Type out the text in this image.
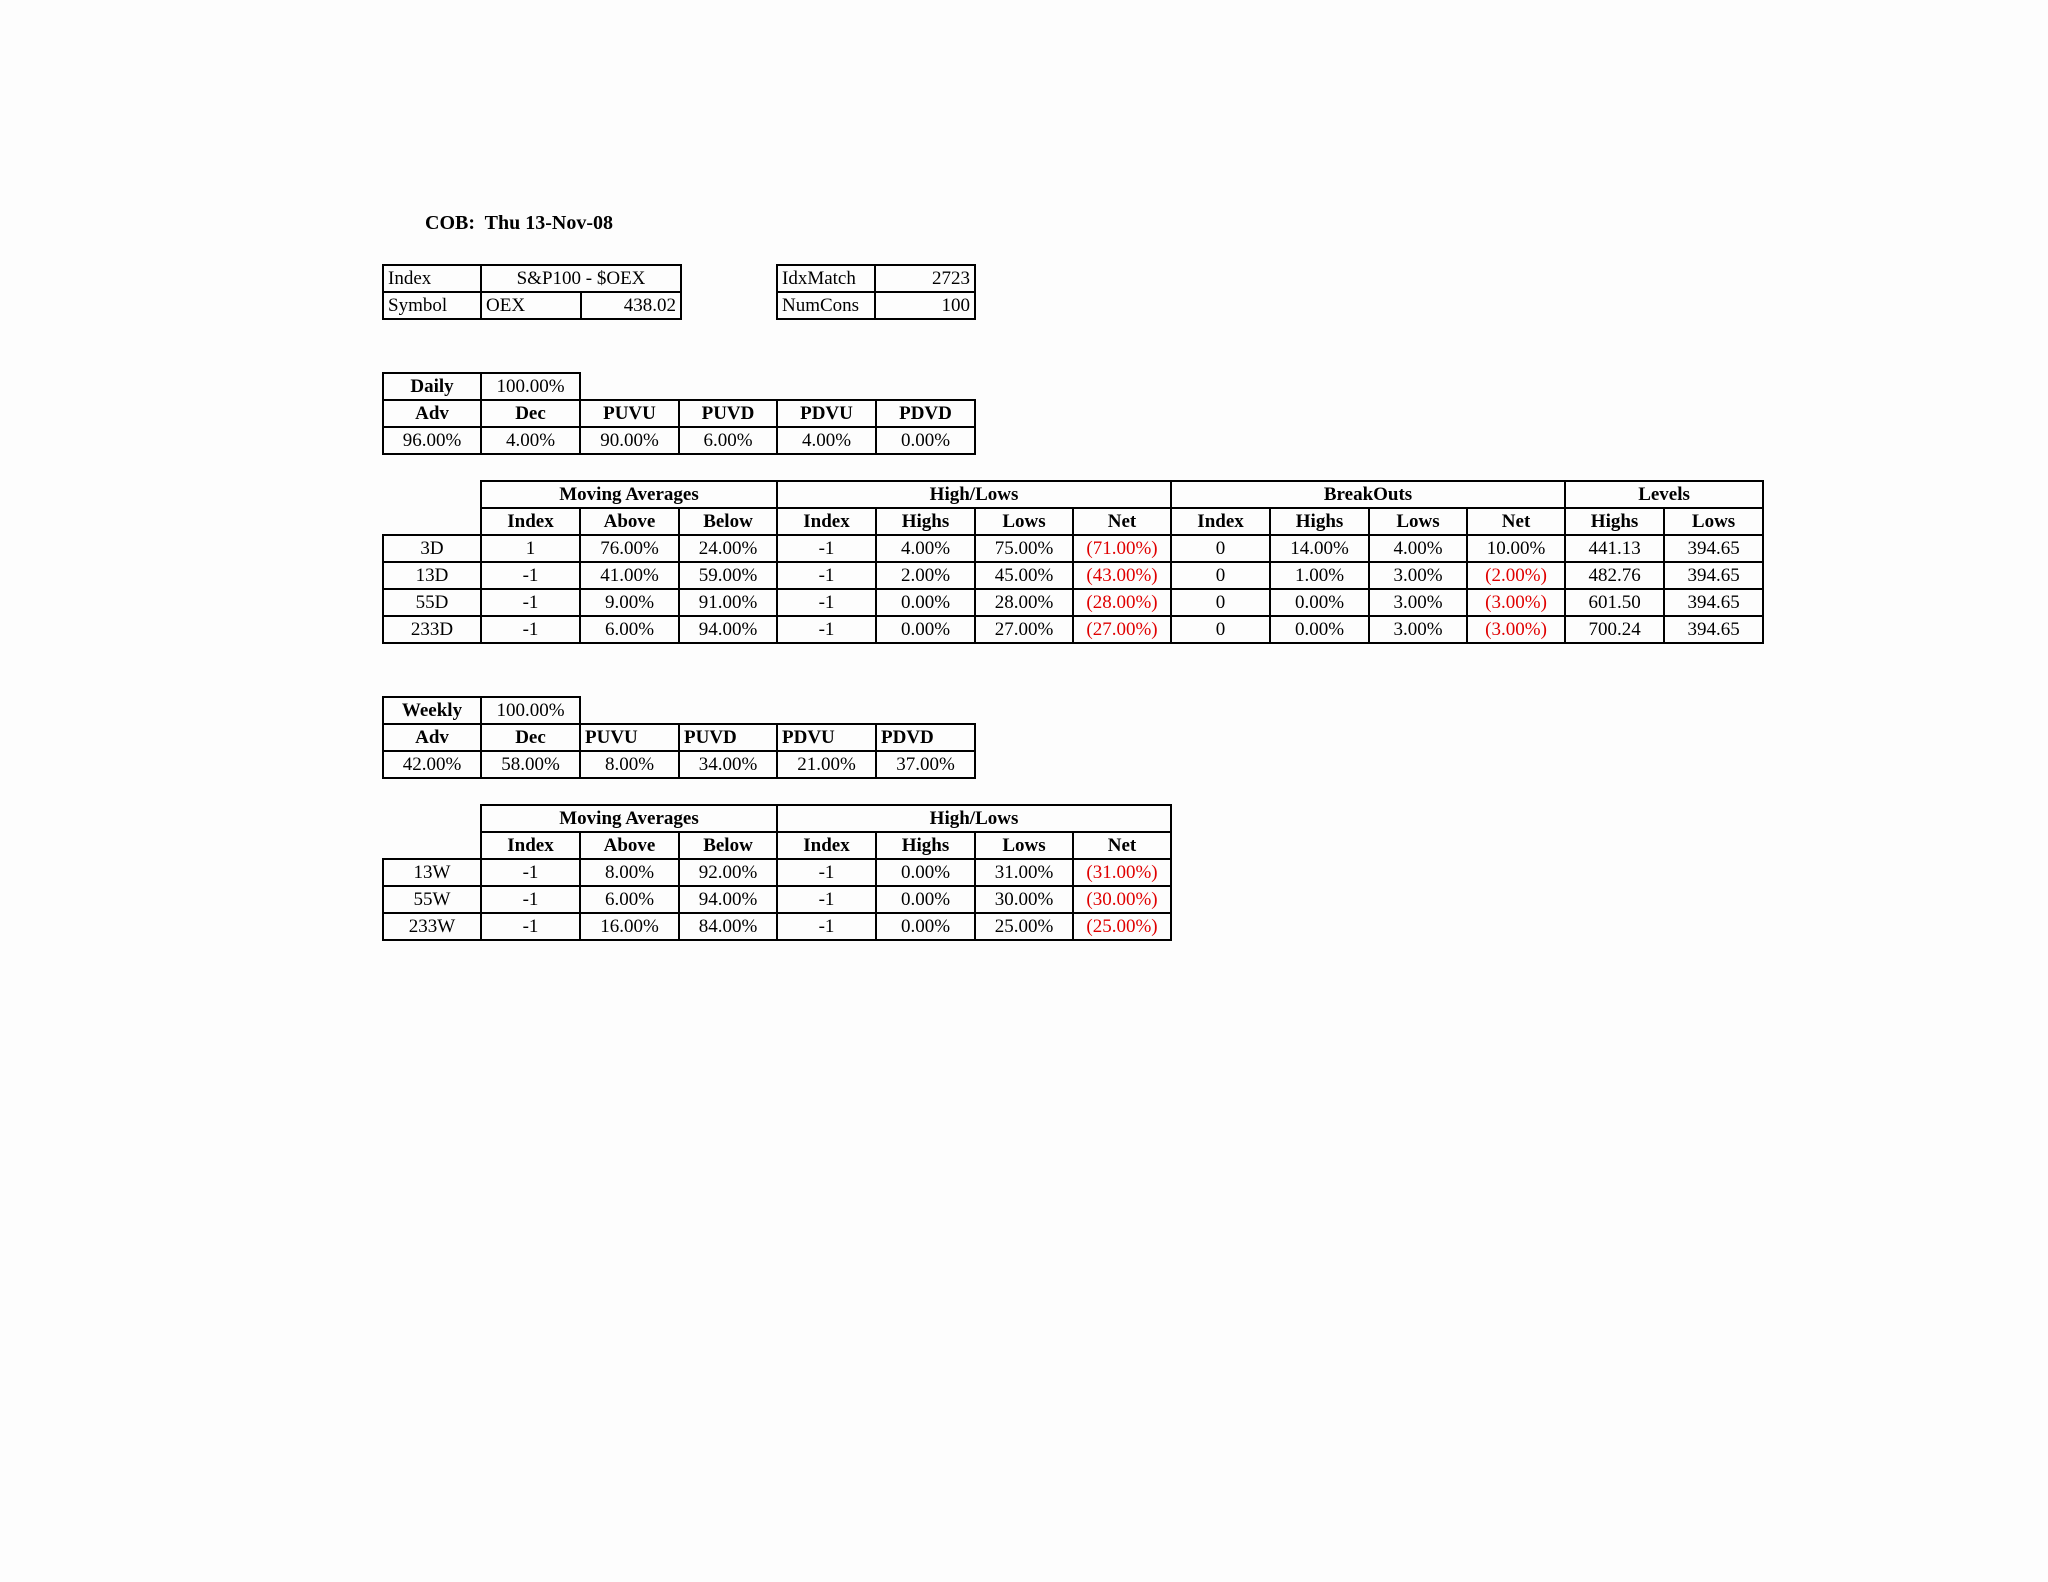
COB: Thu 13-Nov-08
Index	S&P100 - $OEX	
Symbol	OEX	438.02
IdxMatch	2723
NumCons	100
Daily	100.00%				
Adv	Dec	PUVU	PUVD	PDVU	PDVD
96.00%	4.00%	90.00%	6.00%	4.00%	0.00%
	Moving Averages			High/Lows				BreakOuts				Levels	
	Index	Above	Below	Index	Highs	Lows	Net	Index	Highs	Lows	Net	Highs	Lows
3D	1	76.00%	24.00%	-1	4.00%	75.00%	(71.00%)	0	14.00%	4.00%	10.00%	441.13	394.65
13D	-1	41.00%	59.00%	-1	2.00%	45.00%	(43.00%)	0	1.00%	3.00%	(2.00%)	482.76	394.65
55D	-1	9.00%	91.00%	-1	0.00%	28.00%	(28.00%)	0	0.00%	3.00%	(3.00%)	601.50	394.65
233D	-1	6.00%	94.00%	-1	0.00%	27.00%	(27.00%)	0	0.00%	3.00%	(3.00%)	700.24	394.65
Weekly	100.00%				
Adv	Dec	PUVU	PUVD	PDVU	PDVD
42.00%	58.00%	8.00%	34.00%	21.00%	37.00%
	Moving Averages			High/Lows			
	Index	Above	Below	Index	Highs	Lows	Net
13W	-1	8.00%	92.00%	-1	0.00%	31.00%	(31.00%)
55W	-1	6.00%	94.00%	-1	0.00%	30.00%	(30.00%)
233W	-1	16.00%	84.00%	-1	0.00%	25.00%	(25.00%)
